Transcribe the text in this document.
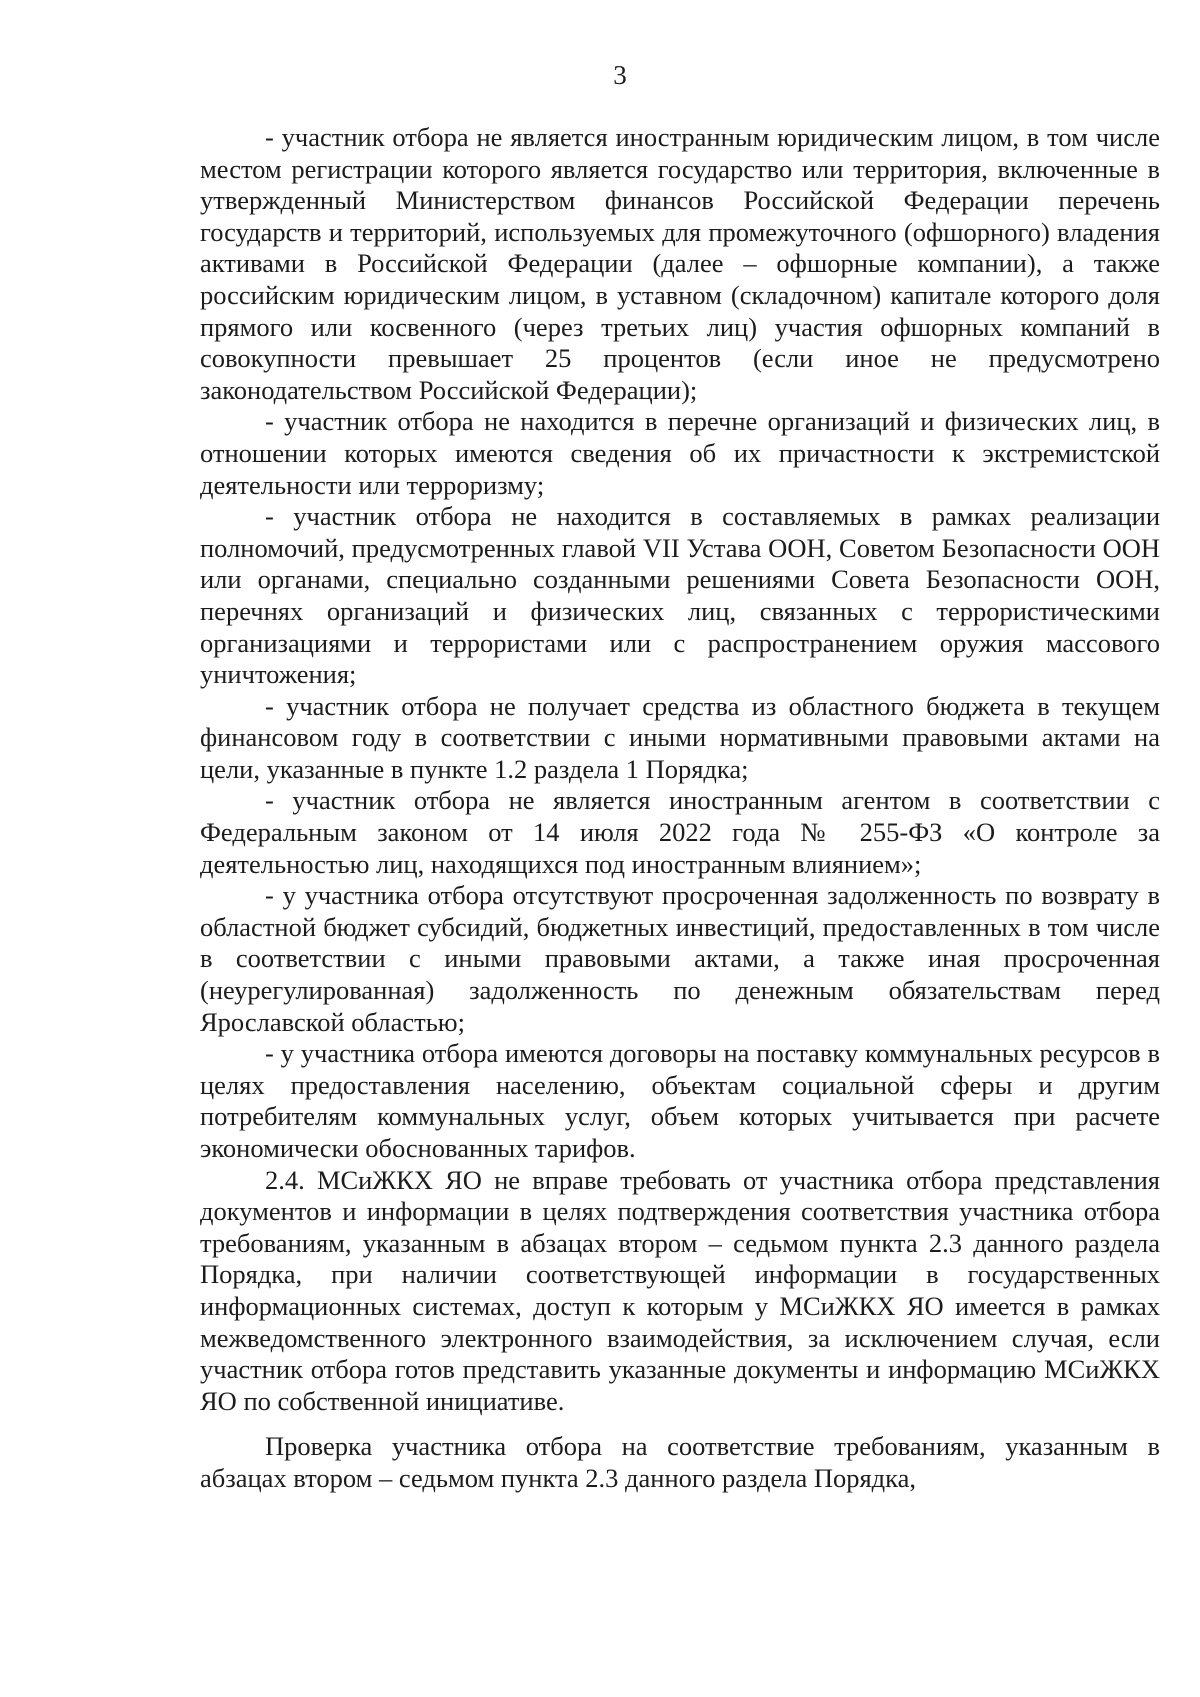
3

- участник отбора не является иностранным юридическим лицом, в том числе местом регистрации которого является государство или территория, включенные в утвержденный Министерством финансов Российской Федерации перечень государств и территорий, используемых для промежуточного (офшорного) владения активами в Российской Федерации (далее – офшорные компании), а также российским юридическим лицом, в уставном (складочном) капитале которого доля прямого или косвенного (через третьих лиц) участия офшорных компаний в совокупности превышает 25 процентов (если иное не предусмотрено законодательством Российской Федерации);

- участник отбора не находится в перечне организаций и физических лиц, в отношении которых имеются сведения об их причастности к экстремистской деятельности или терроризму;

- участник отбора не находится в составляемых в рамках реализации полномочий, предусмотренных главой VII Устава ООН, Советом Безопасности ООН или органами, специально созданными решениями Совета Безопасности ООН, перечнях организаций и физических лиц, связанных с террористическими организациями и террористами или с распространением оружия массового уничтожения;

- участник отбора не получает средства из областного бюджета в текущем финансовом году в соответствии с иными нормативными правовыми актами на цели, указанные в пункте 1.2 раздела 1 Порядка;

- участник отбора не является иностранным агентом в соответствии с Федеральным законом от 14 июля 2022 года № 255-ФЗ «О контроле за деятельностью лиц, находящихся под иностранным влиянием»;

- у участника отбора отсутствуют просроченная задолженность по возврату в областной бюджет субсидий, бюджетных инвестиций, предоставленных в том числе в соответствии с иными правовыми актами, а также иная просроченная (неурегулированная) задолженность по денежным обязательствам перед Ярославской областью;

- у участника отбора имеются договоры на поставку коммунальных ресурсов в целях предоставления населению, объектам социальной сферы и другим потребителям коммунальных услуг, объем которых учитывается при расчете экономически обоснованных тарифов.

2.4. МСиЖКХ ЯО не вправе требовать от участника отбора представления документов и информации в целях подтверждения соответствия участника отбора требованиям, указанным в абзацах втором – седьмом пункта 2.3 данного раздела Порядка, при наличии соответствующей информации в государственных информационных системах, доступ к которым у МСиЖКХ ЯО имеется в рамках межведомственного электронного взаимодействия, за исключением случая, если участник отбора готов представить указанные документы и информацию МСиЖКХ ЯО по собственной инициативе.

Проверка участника отбора на соответствие требованиям, указанным в абзацах втором – седьмом пункта 2.3 данного раздела Порядка,
